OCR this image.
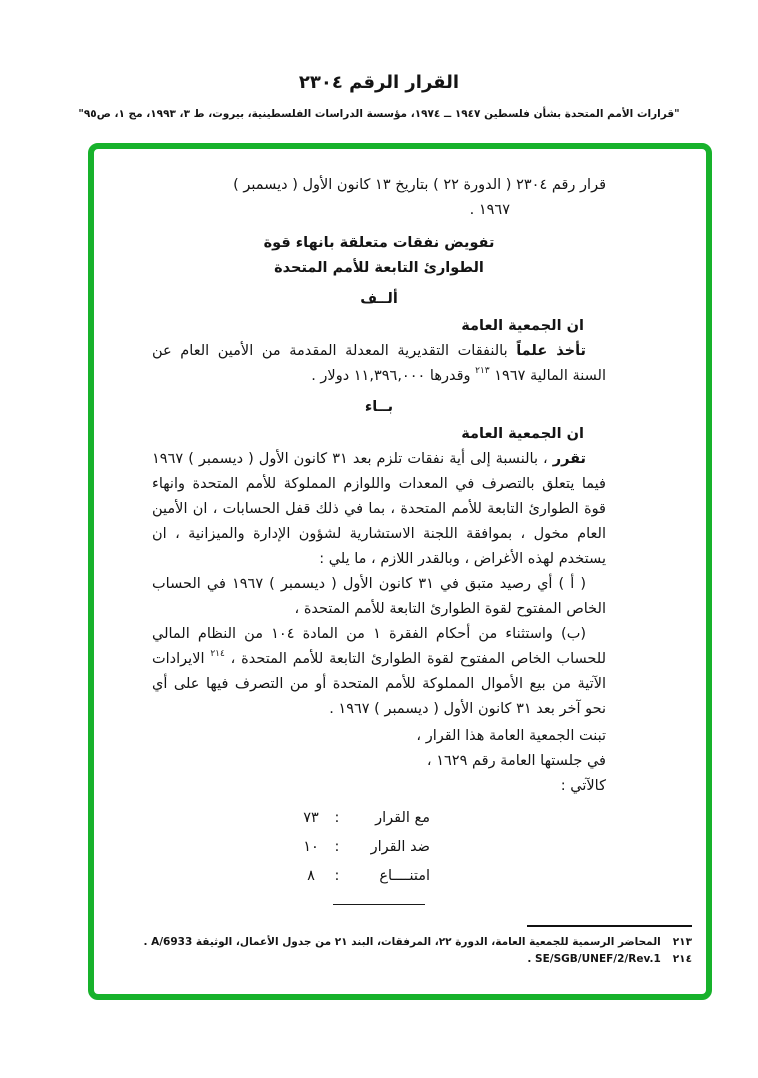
القرار الرقم ٢٣٠٤
"قرارات الأمم المتحدة بشأن فلسطين ١٩٤٧ ــ ١٩٧٤، مؤسسة الدراسات الفلسطينية، بيروت، ط ٣، ١٩٩٣، مج ١، ص٩٥"
قرار رقم ٢٣٠٤ ( الدورة ٢٢ ) بتاريخ ١٣ كانون الأول ( ديسمبر )
١٩٦٧ .
تفويض نفقات متعلقة بانهاء قوة
الطوارئ التابعة للأمم المتحدة
ألــف
ان الجمعية العامة
تأخذ علماً بالنفقات التقديرية المعدلة المقدمة من الأمين العام عن السنة المالية ١٩٦٧ $^{٢١٣}$ وقدرها ١١,٣٩٦,٠٠٠ دولار .
بــاء
ان الجمعية العامة
تقرر ، بالنسبة إلى أية نفقات تلزم بعد ٣١ كانون الأول ( ديسمبر ) ١٩٦٧ فيما يتعلق بالتصرف في المعدات واللوازم المملوكة للأمم المتحدة وانهاء قوة الطوارئ التابعة للأمم المتحدة ، بما في ذلك قفل الحسابات ، ان الأمين العام مخول ، بموافقة اللجنة الاستشارية لشؤون الإدارة والميزانية ، ان يستخدم لهذه الأغراض ، وبالقدر اللازم ، ما يلي :
( أ ) أي رصيد متبق في ٣١ كانون الأول ( ديسمبر ) ١٩٦٧ في الحساب الخاص المفتوح لقوة الطوارئ التابعة للأمم المتحدة ،
(ب) واستثناء من أحكام الفقرة ١ من المادة ١٠٤ من النظام المالي للحساب الخاص المفتوح لقوة الطوارئ التابعة للأمم المتحدة ، $^{٢١٤}$ الايرادات الآتية من بيع الأموال المملوكة للأمم المتحدة أو من التصرف فيها على أي نحو آخر بعد ٣١ كانون الأول ( ديسمبر ) ١٩٦٧ .
تبنت الجمعية العامة هذا القرار ،
في جلستها العامة رقم ١٦٢٩ ،
كالآتي :
مع القرار
:
٧٣
ضد القرار
:
١٠
امتنــــاع
:
٨
٢١٣
المحاضر الرسمية للجمعية العامة، الدورة ٢٢، المرفقات، البند ٢١ من جدول الأعمال، الوثيقة A/6933 .
٢١٤
SE/SGB/UNEF/2/Rev.1 .
